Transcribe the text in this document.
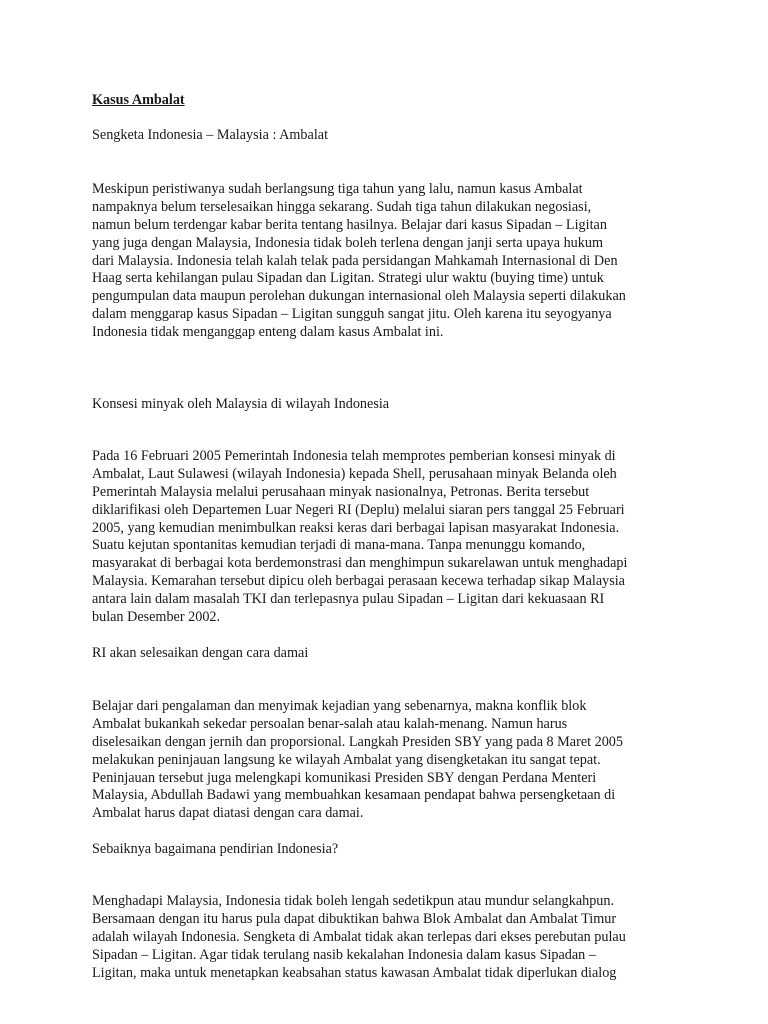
Kasus Ambalat
Sengketa Indonesia – Malaysia : Ambalat
Meskipun peristiwanya sudah berlangsung tiga tahun yang lalu, namun kasus Ambalat
nampaknya belum terselesaikan hingga sekarang. Sudah tiga tahun dilakukan negosiasi,
namun belum terdengar kabar berita tentang hasilnya. Belajar dari kasus Sipadan – Ligitan
yang juga dengan Malaysia, Indonesia tidak boleh terlena dengan janji serta upaya hukum
dari Malaysia. Indonesia telah kalah telak pada persidangan Mahkamah Internasional di Den
Haag serta kehilangan pulau Sipadan dan Ligitan. Strategi ulur waktu (buying time) untuk
pengumpulan data maupun perolehan dukungan internasional oleh Malaysia seperti dilakukan
dalam menggarap kasus Sipadan – Ligitan sungguh sangat jitu. Oleh karena itu seyogyanya
Indonesia tidak menganggap enteng dalam kasus Ambalat ini.
Konsesi minyak oleh Malaysia di wilayah Indonesia
Pada 16 Februari 2005 Pemerintah Indonesia telah memprotes pemberian konsesi minyak di
Ambalat, Laut Sulawesi (wilayah Indonesia) kepada Shell, perusahaan minyak Belanda oleh
Pemerintah Malaysia melalui perusahaan minyak nasionalnya, Petronas. Berita tersebut
diklarifikasi oleh Departemen Luar Negeri RI (Deplu) melalui siaran pers tanggal 25 Februari
2005, yang kemudian menimbulkan reaksi keras dari berbagai lapisan masyarakat Indonesia.
Suatu kejutan spontanitas kemudian terjadi di mana-mana. Tanpa menunggu komando,
masyarakat di berbagai kota berdemonstrasi dan menghimpun sukarelawan untuk menghadapi
Malaysia. Kemarahan tersebut dipicu oleh berbagai perasaan kecewa terhadap sikap Malaysia
antara lain dalam masalah TKI dan terlepasnya pulau Sipadan – Ligitan dari kekuasaan RI
bulan Desember 2002.
RI akan selesaikan dengan cara damai
Belajar dari pengalaman dan menyimak kejadian yang sebenarnya, makna konflik blok
Ambalat bukankah sekedar persoalan benar-salah atau kalah-menang. Namun harus
diselesaikan dengan jernih dan proporsional. Langkah Presiden SBY yang pada 8 Maret 2005
melakukan peninjauan langsung ke wilayah Ambalat yang disengketakan itu sangat tepat.
Peninjauan tersebut juga melengkapi komunikasi Presiden SBY dengan Perdana Menteri
Malaysia, Abdullah Badawi yang membuahkan kesamaan pendapat bahwa persengketaan di
Ambalat harus dapat diatasi dengan cara damai.
Sebaiknya bagaimana pendirian Indonesia?
Menghadapi Malaysia, Indonesia tidak boleh lengah sedetikpun atau mundur selangkahpun.
Bersamaan dengan itu harus pula dapat dibuktikan bahwa Blok Ambalat dan Ambalat Timur
adalah wilayah Indonesia. Sengketa di Ambalat tidak akan terlepas dari ekses perebutan pulau
Sipadan – Ligitan. Agar tidak terulang nasib kekalahan Indonesia dalam kasus Sipadan –
Ligitan, maka untuk menetapkan keabsahan status kawasan Ambalat tidak diperlukan dialog
